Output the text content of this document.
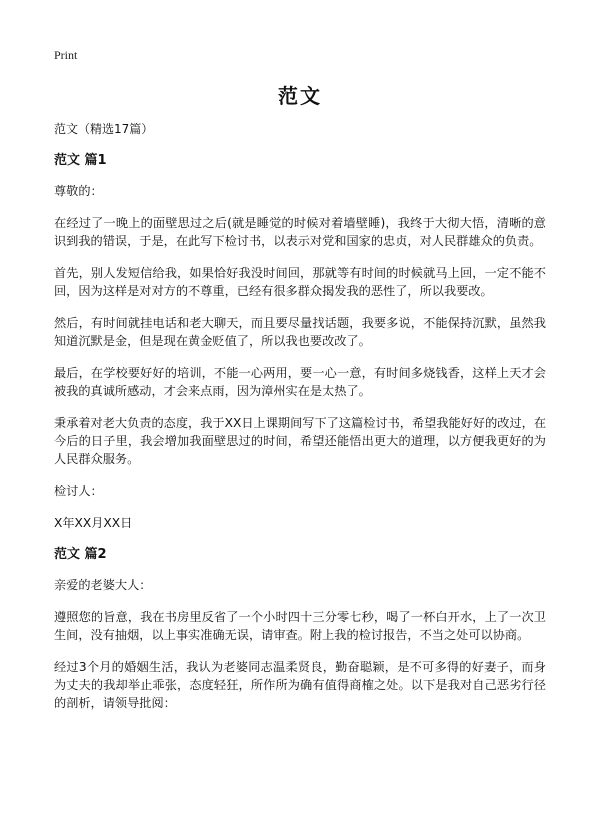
Print
范文

范文（精选17篇）

范文 篇1

尊敬的：

在经过了一晚上的面壁思过之后(就是睡觉的时候对着墙壁睡)，我终于大彻大悟，清晰的意识到我的错误，于是，在此写下检讨书，以表示对党和国家的忠贞，对人民群雄众的负责。

首先，别人发短信给我，如果恰好我没时间回，那就等有时间的时候就马上回，一定不能不回，因为这样是对对方的不尊重，已经有很多群众揭发我的恶性了，所以我要改。

然后，有时间就挂电话和老大聊天，而且要尽量找话题，我要多说，不能保持沉默，虽然我知道沉默是金，但是现在黄金贬值了，所以我也要改改了。

最后，在学校要好好的培训，不能一心两用，要一心一意，有时间多烧钱香，这样上天才会被我的真诚所感动，才会来点雨，因为漳州实在是太热了。

秉承着对老大负责的态度，我于XX日上课期间写下了这篇检讨书，希望我能好好的改过，在今后的日子里，我会增加我面壁思过的时间，希望还能悟出更大的道理，以方便我更好的为人民群众服务。

检讨人：

X年XX月XX日

范文 篇2

亲爱的老婆大人：

遵照您的旨意，我在书房里反省了一个小时四十三分零七秒，喝了一杯白开水，上了一次卫生间，没有抽烟，以上事实准确无误，请审查。附上我的检讨报告，不当之处可以协商。

经过3个月的婚姻生活，我认为老婆同志温柔贤良，勤奋聪颖，是不可多得的好妻子，而身为丈夫的我却举止乖张，态度轻狂，所作所为确有值得商榷之处。以下是我对自己恶劣行径的剖析，请领导批阅：
